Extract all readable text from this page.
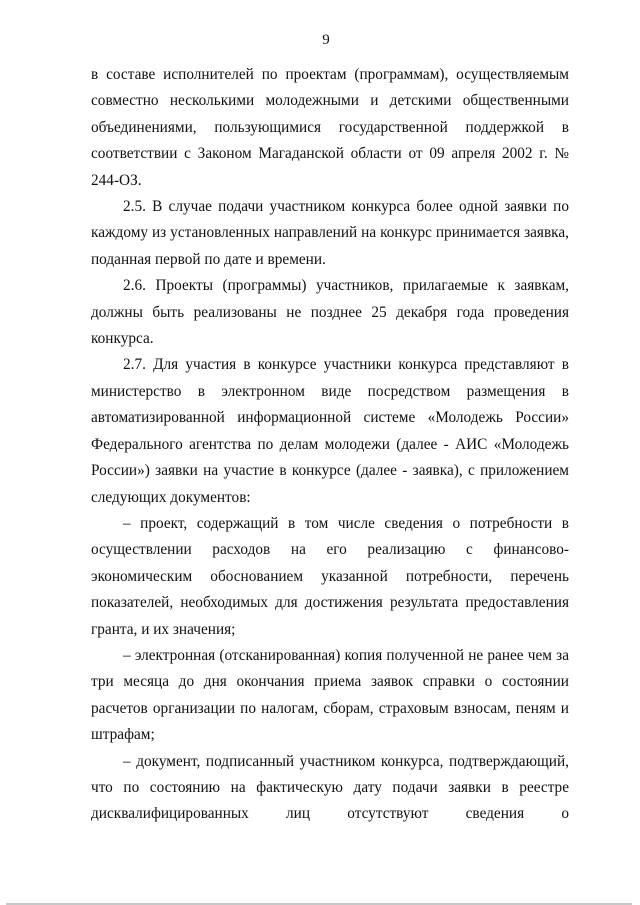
9

в составе исполнителей по проектам (программам), осуществляемым совместно несколькими молодежными и детскими общественными объединениями, пользующимися государственной поддержкой в соответствии с Законом Магаданской области от 09 апреля 2002 г. № 244-ОЗ.

2.5. В случае подачи участником конкурса более одной заявки по каждому из установленных направлений на конкурс принимается заявка, поданная первой по дате и времени.

2.6. Проекты (программы) участников, прилагаемые к заявкам, должны быть реализованы не позднее 25 декабря года проведения конкурса.

2.7. Для участия в конкурсе участники конкурса представляют в министерство в электронном виде посредством размещения в автоматизированной информационной системе «Молодежь России» Федерального агентства по делам молодежи (далее - АИС «Молодежь России») заявки на участие в конкурсе (далее - заявка), с приложением следующих документов:

– проект, содержащий в том числе сведения о потребности в осуществлении расходов на его реализацию с финансово-экономическим обоснованием указанной потребности, перечень показателей, необходимых для достижения результата предоставления гранта, и их значения;

– электронная (отсканированная) копия полученной не ранее чем за три месяца до дня окончания приема заявок справки о состоянии расчетов организации по налогам, сборам, страховым взносам, пеням и штрафам;

– документ, подписанный участником конкурса, подтверждающий, что по состоянию на фактическую дату подачи заявки в реестре дисквалифицированных лиц отсутствуют сведения о
